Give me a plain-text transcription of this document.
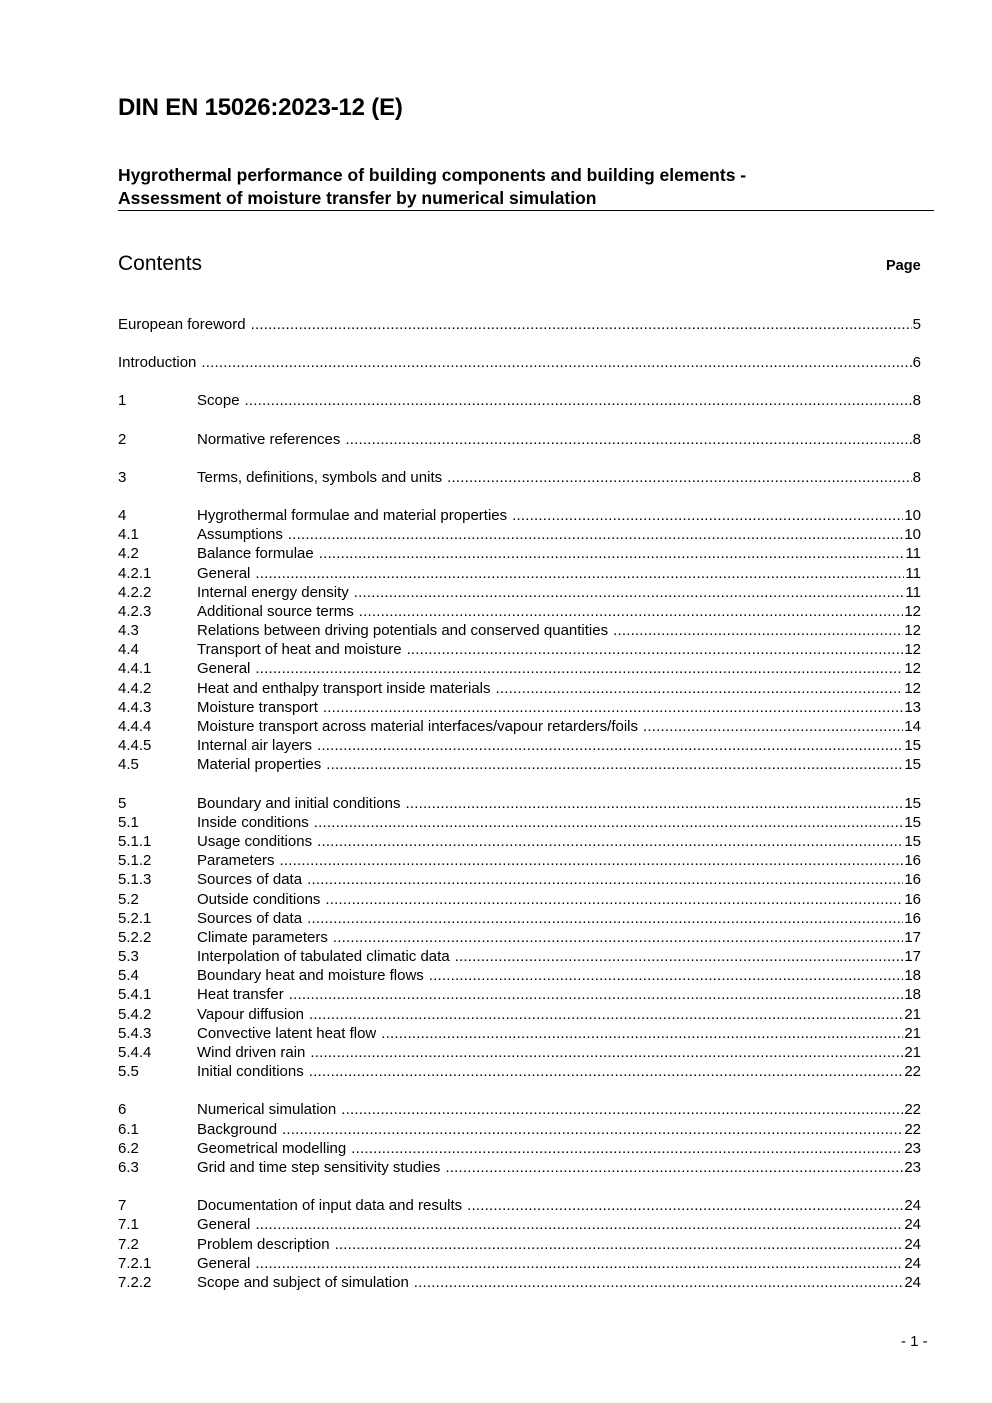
DIN EN 15026:2023-12 (E)
Hygrothermal performance of building components and building elements -
Assessment of moisture transfer by numerical simulation
Contents	Page
European foreword .....	5
Introduction .....	6
1	Scope .....	8
2	Normative references .....	8
3	Terms, definitions, symbols and units .....	8
4	Hygrothermal formulae and material properties .....	10
4.1	Assumptions .....	10
4.2	Balance formulae .....	11
4.2.1	General .....	11
4.2.2	Internal energy density .....	11
4.2.3	Additional source terms .....	12
4.3	Relations between driving potentials and conserved quantities .....	12
4.4	Transport of heat and moisture .....	12
4.4.1	General .....	12
4.4.2	Heat and enthalpy transport inside materials .....	12
4.4.3	Moisture transport .....	13
4.4.4	Moisture transport across material interfaces/vapour retarders/foils .....	14
4.4.5	Internal air layers .....	15
4.5	Material properties .....	15
5	Boundary and initial conditions .....	15
5.1	Inside conditions .....	15
5.1.1	Usage conditions .....	15
5.1.2	Parameters .....	16
5.1.3	Sources of data .....	16
5.2	Outside conditions .....	16
5.2.1	Sources of data .....	16
5.2.2	Climate parameters .....	17
5.3	Interpolation of tabulated climatic data .....	17
5.4	Boundary heat and moisture flows .....	18
5.4.1	Heat transfer .....	18
5.4.2	Vapour diffusion .....	21
5.4.3	Convective latent heat flow .....	21
5.4.4	Wind driven rain .....	21
5.5	Initial conditions .....	22
6	Numerical simulation .....	22
6.1	Background .....	22
6.2	Geometrical modelling .....	23
6.3	Grid and time step sensitivity studies .....	23
7	Documentation of input data and results .....	24
7.1	General .....	24
7.2	Problem description .....	24
7.2.1	General .....	24
7.2.2	Scope and subject of simulation .....	24
- 1 -
